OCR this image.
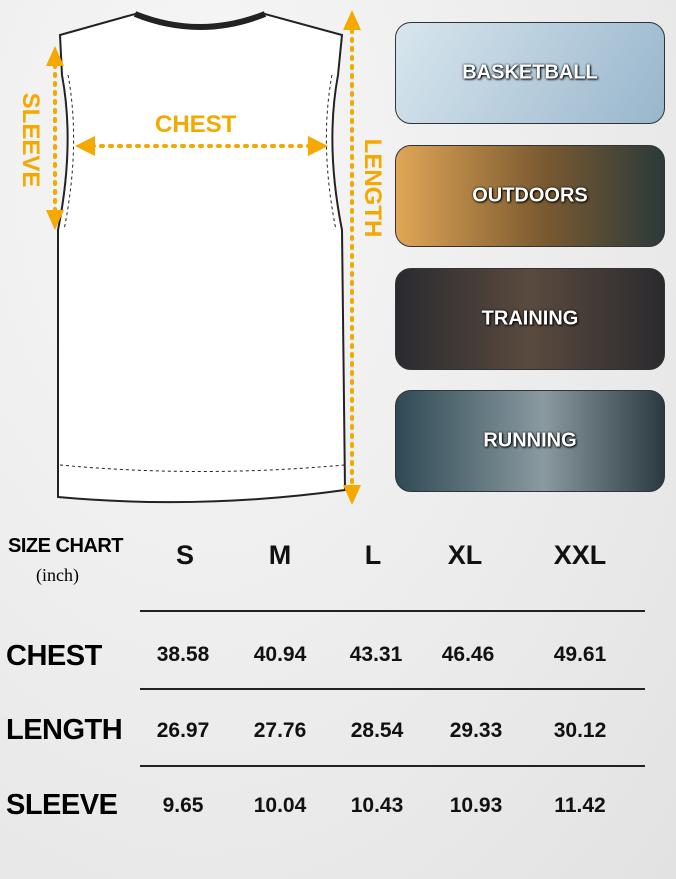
CHEST
SLEEVE	LENGTH
BASKETBALL
OUTDOORS
TRAINING
RUNNING
SIZE CHART
(inch)
S	M	L XL	XXL
CHEST	38.58 40.94 43.31 46.46	49.61
LENGTH 26.97 27.76 28.54 29.33 30.12
SLEEVE 9.65 10.04 10.43 10.93 11.42
